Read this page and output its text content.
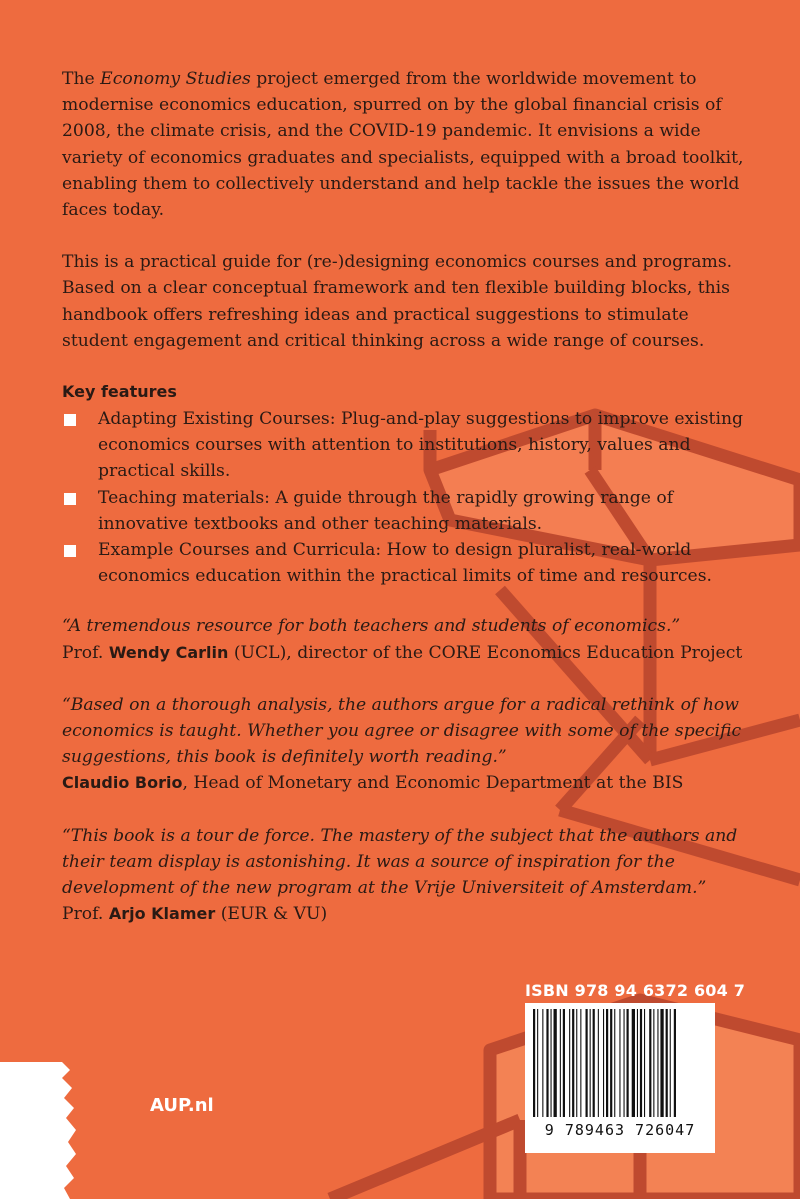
The Economy Studies project emerged from the worldwide movement to modernise economics education, spurred on by the global financial crisis of 2008, the climate crisis, and the COVID-19 pandemic. It envisions a wide variety of economics graduates and specialists, equipped with a broad toolkit, enabling them to collectively understand and help tackle the issues the world faces today.

This is a practical guide for (re-)designing economics courses and programs. Based on a clear conceptual framework and ten flexible building blocks, this handbook offers refreshing ideas and practical suggestions to stimulate student engagement and critical thinking across a wide range of courses.

Key features
Adapting Existing Courses: Plug-and-play suggestions to improve existing economics courses with attention to institutions, history, values and practical skills.
Teaching materials: A guide through the rapidly growing range of innovative textbooks and other teaching materials.
Example Courses and Curricula: How to design pluralist, real-world economics education within the practical limits of time and resources.

“A tremendous resource for both teachers and students of economics.”

Prof. Wendy Carlin (UCL), director of the CORE Economics Education Project

“Based on a thorough analysis, the authors argue for a radical rethink of how economics is taught. Whether you agree or disagree with some of the specific suggestions, this book is definitely worth reading.”

Claudio Borio, Head of Monetary and Economic Department at the BIS

“This book is a tour de force. The mastery of the subject that the authors and their team display is astonishing. It was a source of inspiration for the development of the new program at the Vrije Universiteit of Amsterdam.”

Prof. Arjo Klamer (EUR & VU)

ISBN 978 94 6372 604 7
9 789463 726047
AUP.nl
